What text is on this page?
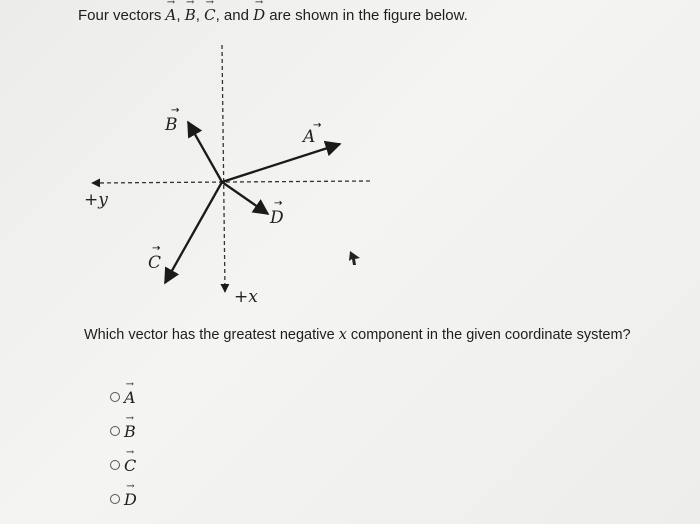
Four vectors → A, → B, → C, and → D are shown in the figure below.
A
→
B
→
C
→
D
→
+y
+x
Which vector has the greatest negative x component in the given coordinate system?
→ A
→ B
→ C
→ D
